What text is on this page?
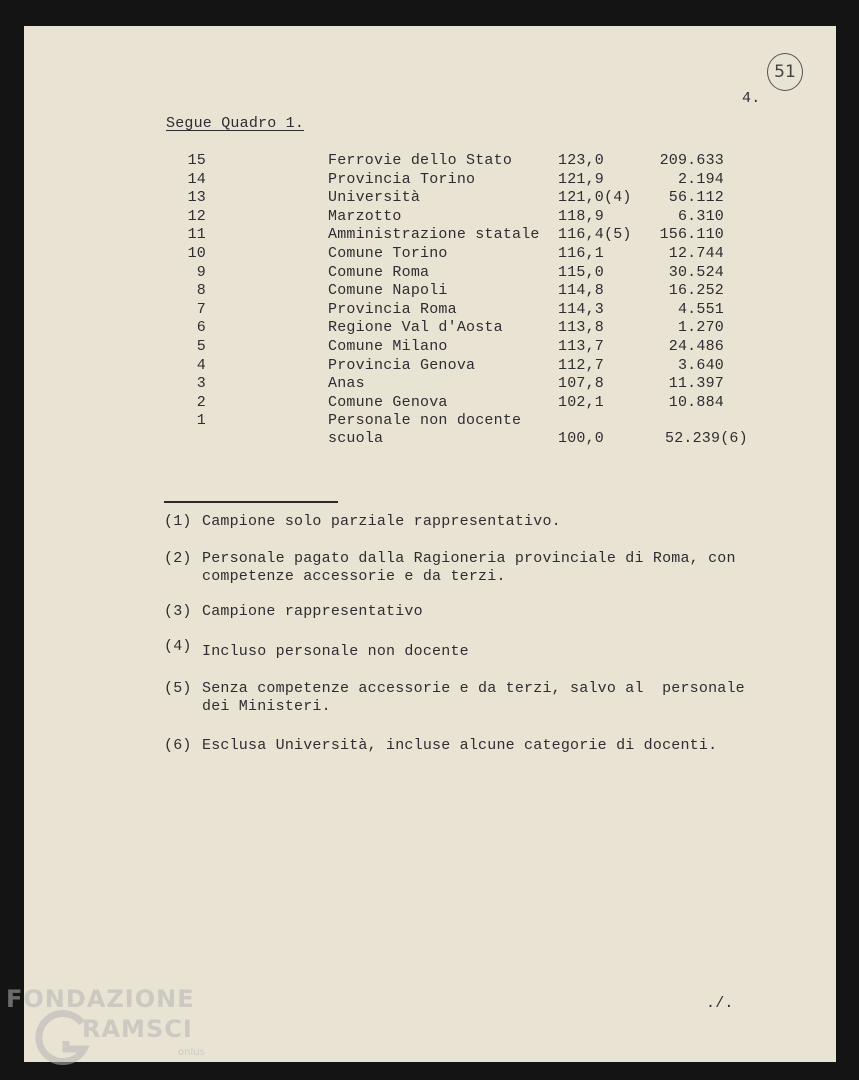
51
4.
Segue Quadro 1.
15	Ferrovie dello Stato	123,0	209.633
14	Provincia Torino	121,9	2.194
13	Università	121,0(4)	56.112
12	Marzotto	118,9	6.310
11	Amministrazione statale 116,4(5)	156.110
10	Comune Torino	116,1	12.744
9	Comune Roma	115,0	30.524
8	Comune Napoli	114,8	16.252
7	Provincia Roma	114,3	4.551
6	Regione Val d'Aosta	113,8	1.270
5	Comune Milano	113,7	24.486
4	Provincia Genova	112,7	3.640
3	Anas	107,8	11.397
2	Comune Genova	102,1	10.884
1	Personale non docente
scuola	100,0	52.239(6)
(1) Campione solo parziale rappresentativo.
(2) Personale pagato dalla Ragioneria provinciale di Roma, con
competenze accessorie e da terzi.
(3) Campione rappresentativo
(4) Incluso personale non docente
(5) Senza competenze accessorie e da terzi, salvo al  personale
dei Ministeri.
(6) Esclusa Università, incluse alcune categorie di docenti.
./.
FONDAZIONE
RAMSCI
onlus
